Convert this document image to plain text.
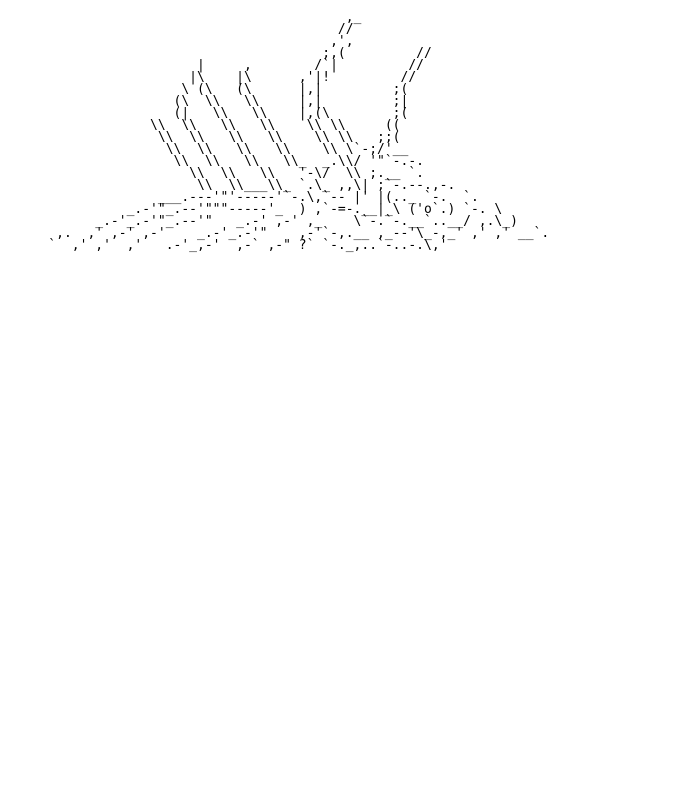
,_
//
,',
;,(         //
|     ,        /`|         //
|\    |\      ,'|!         //
\ (\   (\      |,|         ;(
(\  \\   \\     |,|         ;|
(|   \\   \\    |,(\        ;(
\\  \\   \\   \\    \\ \\     ((
\\  \\   \\   \\    \\ \\   ;;(
\\  \\   \\   \\    \\ \`-;/'__
\\  \\   \\   \\_  _.\\/ '"`-.-.
\\  \\   \\   '-\/  \\ ;.__ `.
\\  \\___\\_ `.\_ ,,\| ;`-.--.,-.
___.---'"'-----'`-.\,`-- |' |(.._ `-.  `.
_.-'"_.--'"""-----'_  ) ,`-=-.__|_\ ('o`.) `-. \
_.-'_.-'"_.--'"   _.-' ,-' ,_    \`-.`-.__`..__/ ,.\_)
,.  ,' ,-' ,-'    _.-'_.-'"    ,-'`-,.__ ,_--'\_-,_' ,' ,' __`.
`  ,' ,'  ,'   .-'_,-'  ,-` ,-" ?` `-._,..`-..-.\,'
